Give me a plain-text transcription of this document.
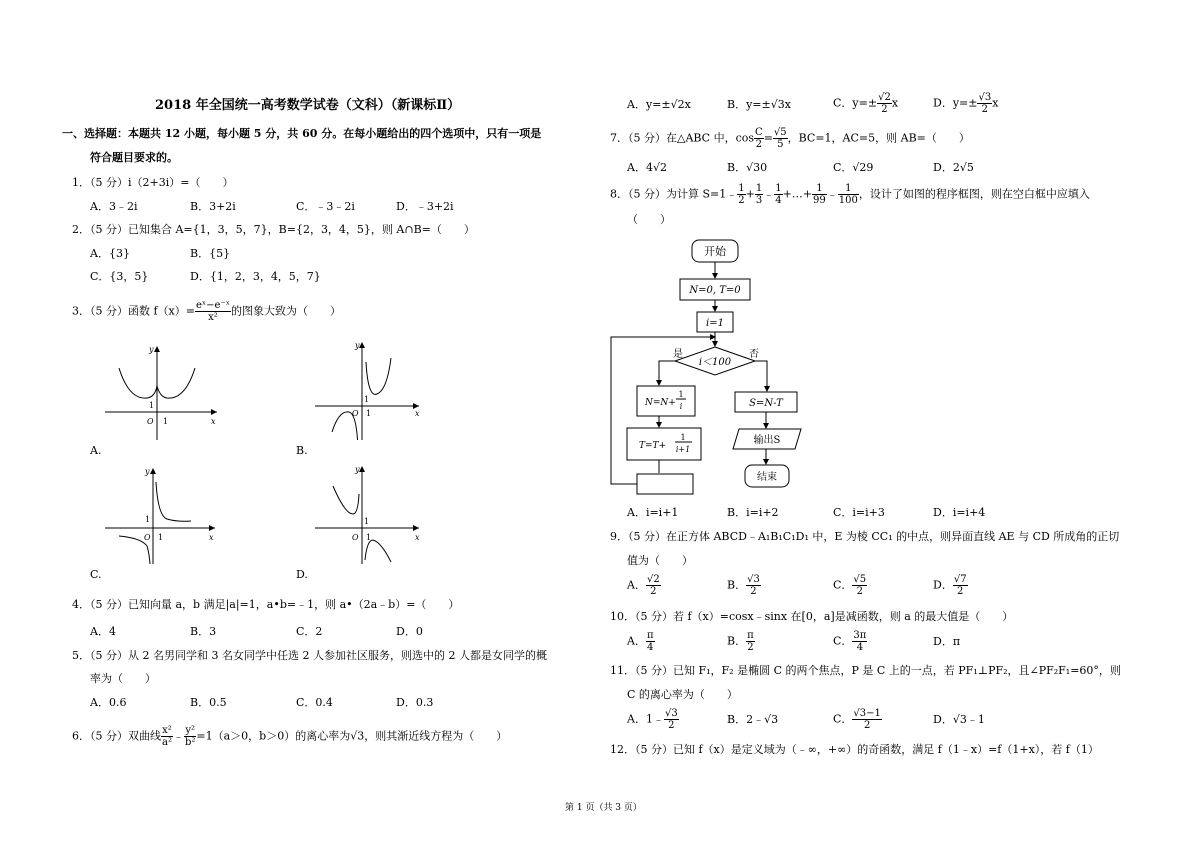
2018 年全国统一高考数学试卷（文科）（新课标Ⅱ）
一、选择题：本题共 12 小题，每小题 5 分，共 60 分。在每小题给出的四个选项中，只有一项是
符合题目要求的。
1．（5 分）i（2+3i）=（　　）
A．3﹣2i	B．3+2i	C．﹣3﹣2i	D．﹣3+2i
2．（5 分）已知集合 A={1，3，5，7}，B={2，3，4，5}，则 A∩B=（　　）
A．{3}	B．{5}
C．{3，5}	D．{1，2，3，4，5，7}
3．（5 分）函数 $f(x)= \frac{\text{eˣ−e⁻ˣ}}{\text{x²}}$ 的图象大致为（　　）
y
x
O 1
1
A.
y
x
O 1
1
B.
y
x
O 1
1
C.
y
x
O 1
1
D.
4．（5 分）已知向量 a，b 满足|a|=1，a•b=﹣1，则 a•（2a﹣b）=（　　）
A．4	B．3	C．2	D．0
5．（5 分）从 2 名男同学和 3 名女同学中任选 2 人参加社区服务，则选中的 2 人都是女同学的概
率为（　　）
A．0.6	B．0.5	C．0.4	D．0.3
6．（5 分）双曲线 $\frac{\text{x²}}{\text{a²}}$ ﹣ $\frac{\text{y²}}{\text{b²}} =1(a>0$，b＞0）的离心率为√3，则其渐近线方程为（　　）
A．y=±√2x	B．y=±√3x	C．$y=\pm \frac{√2}{2}$ x	D．$y=\pm \frac{√3}{2}$ x
7．（5 分）在△ABC 中，$\cos \frac{C}{2} = \frac{√5}{5}$ ，BC=1，AC=5，则 AB=（　　）
A．4√2	B．√30	C．√29	D．2√5
8．（5 分）为计算 S=1﹣ $\frac{1}{2} + \frac{1}{3}$ ﹣ $\frac{1}{4}$ +…+ $\frac{1}{99}$ ﹣ $\frac{1}{100}$ ，设计了如图的程序框图，则在空白框中应填入
（　　）
开始
N=0, T=0
i=1
i＜100
是	否
N=N+
1
i
T=T+
1
i+1
S=N-T
输出S
结束
A．i=i+1	B．i=i+2	C．i=i+3	D．i=i+4
9．（5 分）在正方体 ABCD﹣A₁B₁C₁D₁ 中，E 为棱 CC₁ 的中点，则异面直线 AE 与 CD 所成角的正切
值为（　　）
A． $\frac{√2}{2}$	B． $\frac{√3}{2}$	C． $\frac{√5}{2}$	D． $\frac{√7}{2}$
10．（5 分）若 f（x）=cosx﹣sinx 在[0，a]是减函数，则 a 的最大值是（　　）
A． $\frac{\pi}{4}$	B． $\frac{\pi}{2}$	C． $\frac{3\pi}{4}$	D．π
11．（5 分）已知 F₁，F₂ 是椭圆 C 的两个焦点，P 是 C 上的一点，若 PF₁⊥PF₂，且∠PF₂F₁=60°，则
C 的离心率为（　　）
A．1﹣ $\frac{√3}{2}$	B．2﹣√3	C． $\frac{√3-1}{2}$	D．√3﹣1
12．（5 分）已知 f（x）是定义域为（﹣∞，+∞）的奇函数，满足 f（1﹣x）=f（1+x），若 f（1）
第 1 页（共 3 页）
